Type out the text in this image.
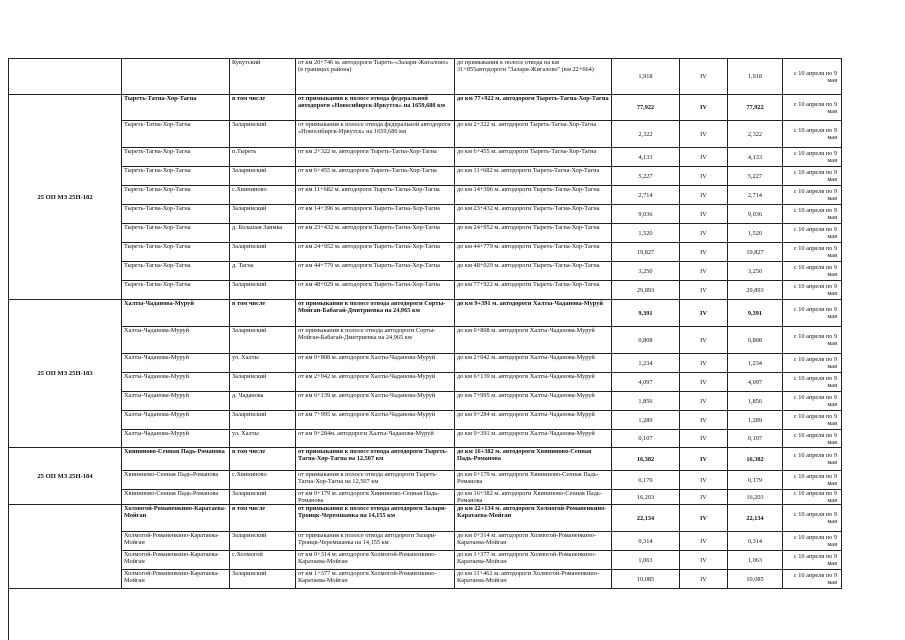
		Кукутский	от км 20+746 м. автодороги Тыреть-«Залари-Жигалово» (в границах района)	до примыкания к полосе отвода на км 31+855автодороги "Залари-Жигалово" (км 22+664)	1,918	IV	1,918	с 10 апреля по 9 мая
25 ОП МЗ 25Н-182	Тыреть-Татна-Хор-Тагна	в том числе	от примыкания к полосе отвода федеральной автодороги «Новосибирск-Иркутск» на 1659,680 км	до км 77+922 м. автодороги Тыреть-Тагна-Хор-Тагна	77,922	IV	77,922	с 10 апреля по 9 мая
	Тыреть-Татна-Хор-Тагна	Заларинский	от примыкания к полосе отвода федеральной автодороги «Новосибирск-Иркутск» на 1659,680 км	до км 2+322 м. автодороги Тыреть-Тагна-Хор-Тагна	2,322	IV	2,322	с 10 апреля по 9 мая
	Тыреть-Тагна-Хор-Тагна	п.Тыреть	от км 2+322 м. автодороги Тыреть-Тагна-Хор-Тагна	до км 6+455 м. автодороги Тыреть-Тагна-Хор-Тагна	4,133	IV	4,133	с 10 апреля по 9 мая
	Тыреть-Тагна-Хор-Тагна	Заларинский	от км 6+455 м. автодороги Тыреть-Тагна-Хор-Тагна	до км 11+682 м. автодороги Тыреть-Тагна-Хор-Тагна	5,227	IV	5,227	с 10 апреля по 9 мая
	Тыреть-Тагна-Хор-Тагна	с.Хвининово	от км 11+682 м. автодороги Тыреть-Тагна-Хор-Тагна	до км 14+396 м. автодороги Тыреть-Тагна-Хор-Тагна	2,714	IV	2,714	с 10 апреля по 9 мая
	Тыреть-Тагна-Хор-Тагна	Заларинский	от км 14+396 м. автодороги Тыреть-Тагна-Хор-Тагна	до км 23+432 м. автодороги Тыреть-Тагна-Хор-Тагна	9,036	IV	9,036	с 10 апреля по 9 мая
	Тыреть-Тагна-Хор-Тагна	д. Большая Заимка	от км 23+432 м. автодороги Тыреть-Тагна-Хор-Тагна	до км 24+952 м. автодороги Тыреть-Тагна-Хор-Тагна	1,520	IV	1,520	с 10 апреля по 9 мая
	Тыреть-Тагна-Хор-Тагна	Заларинский	от км 24+952 м. автодороги Тыреть-Тагна-Хор-Тагна	до км 44+779 м. автодороги Тыреть-Тагна-Хор-Тагна	19,827	IV	19,827	с 10 апреля по 9 мая
	Тыреть-Тагна-Хор-Тагна	д. Тагна	от км 44+779 м. автодороги Тыреть-Тагна-Хор-Тагна	до км 48+029 м. автодороги Тыреть-Тагна-Хор-Тагна	3,250	IV	3,250	с 10 апреля по 9 мая
	Тыреть-Тагна-Хор-Тагна	Заларинский	от км 48+029 м. автодороги Тыреть-Тагна-Хор-Тагна	до км 77+922 м. автодороги Тыреть-Тагна-Хор-Тагна	29,893	IV	29,893	с 10 апреля по 9 мая
25 ОП МЗ 25Н-183	Халты-Чаданова-Муруй	в том числе	от примыкания к полосе отвода автодороги Сорты-Мойган-Бабагай-Дмитриевка на 24,965 км	до км 9+391 м. автодороги Халты-Чаданова-Муруй	9,391	IV	9,391	с 10 апреля по 9 мая
	Халты-Чаданова-Муруй	Заларинский	от примыкания к полосе отвода автодороги Сорты-Мойган-Бабагай-Дмитриевка на 24,965 км	до км 0+808 м. автодороги Халты-Чаданова-Муруй	0,808	IV	0,808	с 10 апреля по 9 мая
	Халты-Чаданова-Муруй	ул. Халты	от км 0+808 м. автодороги Халты-Чаданова-Муруй	до км 2+042 м. автодороги Халты-Чаданова-Муруй	1,234	IV	1,234	с 10 апреля по 9 мая
	Халты-Чаданова-Муруй	Заларинский	от км 2+042 м. автодороги Халты-Чаданова-Муруй	до км 6+139 м. автодороги Халты-Чаданова-Муруй	4,097	IV	4,097	с 10 апреля по 9 мая
	Халты-Чаданова-Муруй	д. Чаданова	от км 6+139 м. автодороги Халты-Чаданова-Муруй	до км 7+995 м. автодороги Халты-Чаданова-Муруй	1,856	IV	1,856	с 10 апреля по 9 мая
	Халты-Чаданова-Муруй	Заларинский	от км 7+995 м. автодороги Халты-Чаданова-Муруй	до км 9+284 м. автодороги Халты-Чаданова-Муруй	1,289	IV	1,289	с 10 апреля по 9 мая
	Халты-Чаданова-Муруй	ул. Халты	от км 9+284м. автодороги Халты-Чаданова-Муруй	до км 9+391 м. автодороги Халты-Чаданова-Муруй	0,107	IV	0,107	с 10 апреля по 9 мая
25 ОП МЗ 25Н-184	Хвининово-Сенная Падь-Романова	в том числе	от примыкания к полосе отвода автодороги Тыреть-Тагна-Хор-Тагна на 12,507 км	до км 16+382 м. автодороги Хвининово-Сенная Падь-Романова	16,382	IV	16,382	с 10 апреля по 9 мая
	Хвининово-Сенная Падь-Романова	с.Хвининово	от примыкания к полосе отвода автодороги Тыреть-Тагна-Хор-Тагна на 12,507 км	до км 0+179 м. автодороги Хвининово-Сенная Падь-Романова	0,179	IV	0,179	с 10 апреля по 9 мая
	Хвининово-Сенная Падь-Романова	Заларинский	от км 0+179 м. автодороги Хвининово-Сенная Падь-Романова	до км 16+382 м. автодороги Хвининово-Сенная Падь-Романова	16,203	IV	16,203	с 10 апреля по 9 мая
	Холмогой-Романенкино-Каратаева-Мойган	в том числе	от примыкания к полосе отвода автодороги Залари-Троицк-Черемшанка на 14,155 км	до км 22+134 м. автодороги Холмогой-Романенкино-Каратаева-Мойган	22,134	IV	22,134	с 10 апреля по 9 мая
	Холмогой-Романенкино-Каратаева-Мойган	Заларинский	от примыкания к полосе отвода автодороги Залари-Троицк-Черемшанка на 14,155 км	до км 0+314 м. автодороги Холмогой-Романенкино-Каратаева-Мойган	0,314	IV	0,314	с 10 апреля по 9 мая
	Холмогой-Романенкино-Каратаева-Мойган	с.Холмогой	от км 0+314 м. автодороги Холмогой-Романенкино-Каратаева-Мойган	до км 1+377 м. автодороги Холмогой-Романенкино-Каратаева-Мойган	1,063	IV	1,063	с 10 апреля по 9 мая
	Холмогой-Романенкино-Каратаева-Мойган	Заларинский	от км 1+377 м. автодороги Холмогой-Романенкино-Каратаева-Мойган	до км 11+462 м. автодороги Холмогой-Романенкино-Каратаева-Мойган	10,085	IV	10,085	с 10 апреля по 9 мая
